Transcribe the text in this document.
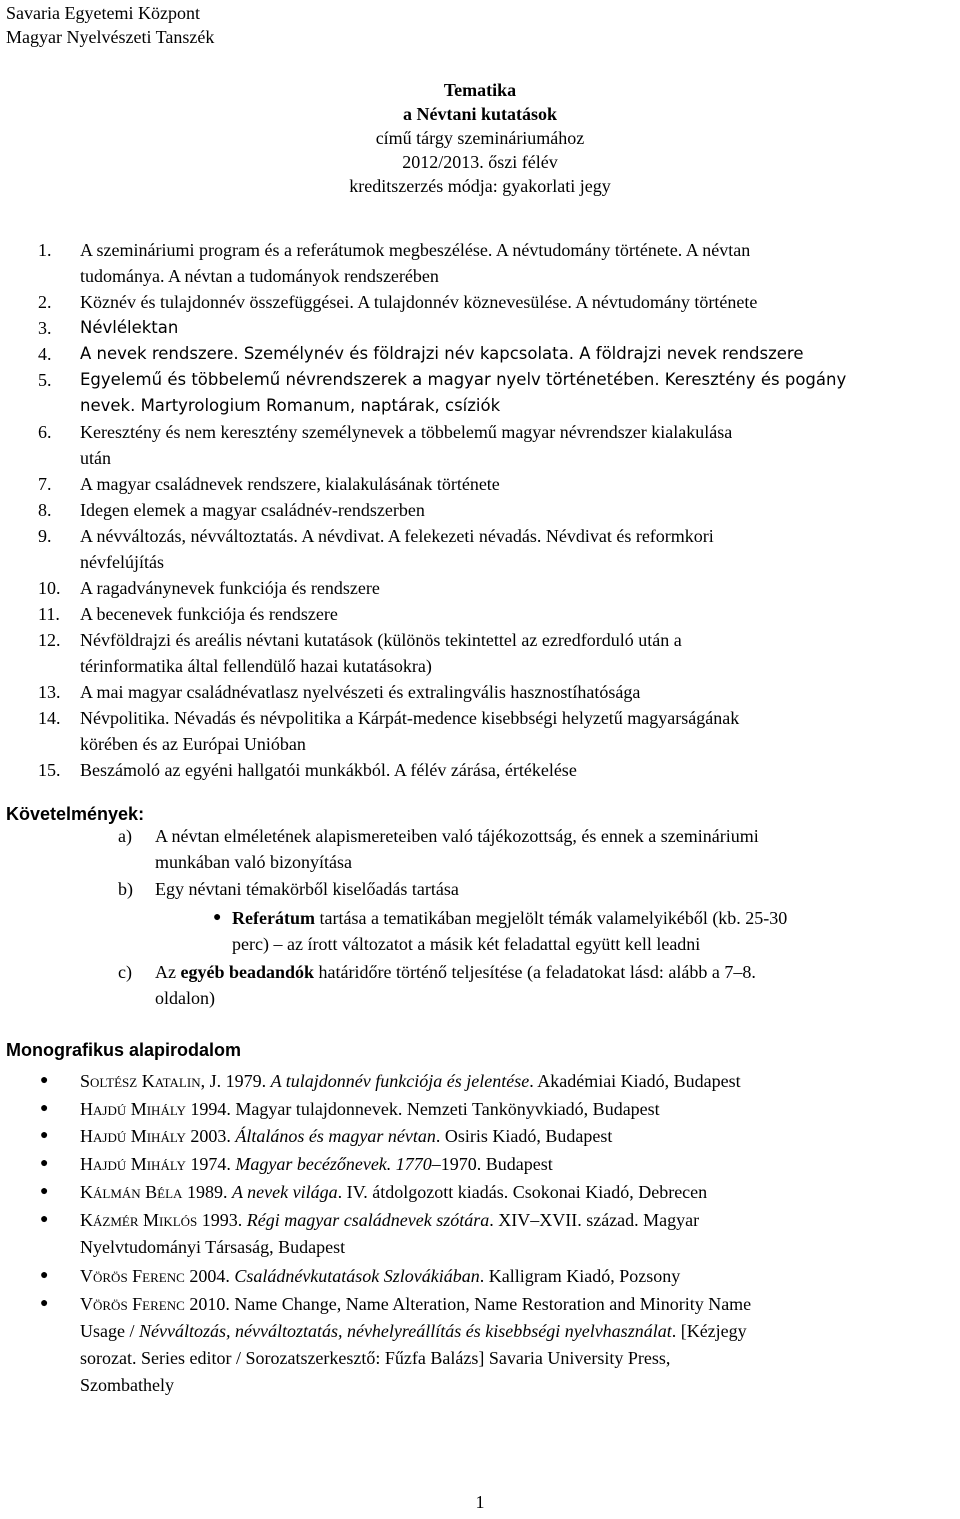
Savaria Egyetemi Központ
Magyar Nyelvészeti Tanszék
Tematika
a Névtani kutatások
című tárgy szemináriumához
2012/2013. őszi félév
kreditszerzés módja: gyakorlati jegy
1.	A szemináriumi program és a referátumok megbeszélése. A névtudomány története. A névtan
tudománya. A névtan a tudományok rendszerében
2.	Köznév és tulajdonnév összefüggései. A tulajdonnév köznevesülése. A névtudomány története
3.	Névlélektan
4.	A nevek rendszere. Személynév és földrajzi név kapcsolata. A földrajzi nevek rendszere
5.	Egyelemű és többelemű névrendszerek a magyar nyelv történetében. Keresztény és pogány
nevek. Martyrologium Romanum, naptárak, csíziók
6.	Keresztény és nem keresztény személynevek a többelemű magyar névrendszer kialakulása
után
7.	A magyar családnevek rendszere, kialakulásának története
8.	Idegen elemek a magyar családnév-rendszerben
9.	A névváltozás, névváltoztatás. A névdivat. A felekezeti névadás. Névdivat és reformkori
névfelújítás
10.	A ragadványnevek funkciója és rendszere
11.	A becenevek funkciója és rendszere
12.	Névföldrajzi és areális névtani kutatások (különös tekintettel az ezredforduló után a
térinformatika által fellendülő hazai kutatásokra)
13.	A mai magyar családnévatlasz nyelvészeti és extralingvális hasznostíhatósága
14.	Névpolitika. Névadás és névpolitika a Kárpát-medence kisebbségi helyzetű magyarságának
körében és az Európai Unióban
15.	Beszámoló az egyéni hallgatói munkákból. A félév zárása, értékelése
Követelmények:
a)	A névtan elméletének alapismereteiben való tájékozottság, és ennek a szemináriumi
munkában való bizonyítása
b)	Egy névtani témakörből kiselőadás tartása
● Referátum tartása a tematikában megjelölt témák valamelyikéből (kb. 25-30
perc) ‒ az írott változatot a másik két feladattal együtt kell leadni
c)	Az egyéb beadandók határidőre történő teljesítése (a feladatokat lásd: alább a 7–8.
oldalon)
Monografikus alapirodalom
● Soltész Katalin, J. 1979. A tulajdonnév funkciója és jelentése. Akadémiai Kiadó, Budapest
● Hajdú Mihály 1994. Magyar tulajdonnevek. Nemzeti Tankönyvkiadó, Budapest
● Hajdú Mihály 2003. Általános és magyar névtan. Osiris Kiadó, Budapest
● Hajdú Mihály 1974. Magyar becézőnevek. 1770–1970. Budapest
● Kálmán Béla 1989. A nevek világa. IV. átdolgozott kiadás. Csokonai Kiadó, Debrecen
● Kázmér Miklós 1993. Régi magyar családnevek szótára. XIV‒XVII. század. Magyar
Nyelvtudományi Társaság, Budapest
● Vörös Ferenc 2004. Családnévkutatások Szlovákiában. Kalligram Kiadó, Pozsony
● Vörös Ferenc 2010. Name Change, Name Alteration, Name Restoration and Minority Name
Usage / Névváltozás, névváltoztatás, névhelyreállítás és kisebbségi nyelvhasználat. [Kézjegy
sorozat. Series editor / Sorozatszerkesztő: Fűzfa Balázs] Savaria University Press,
Szombathely
1
